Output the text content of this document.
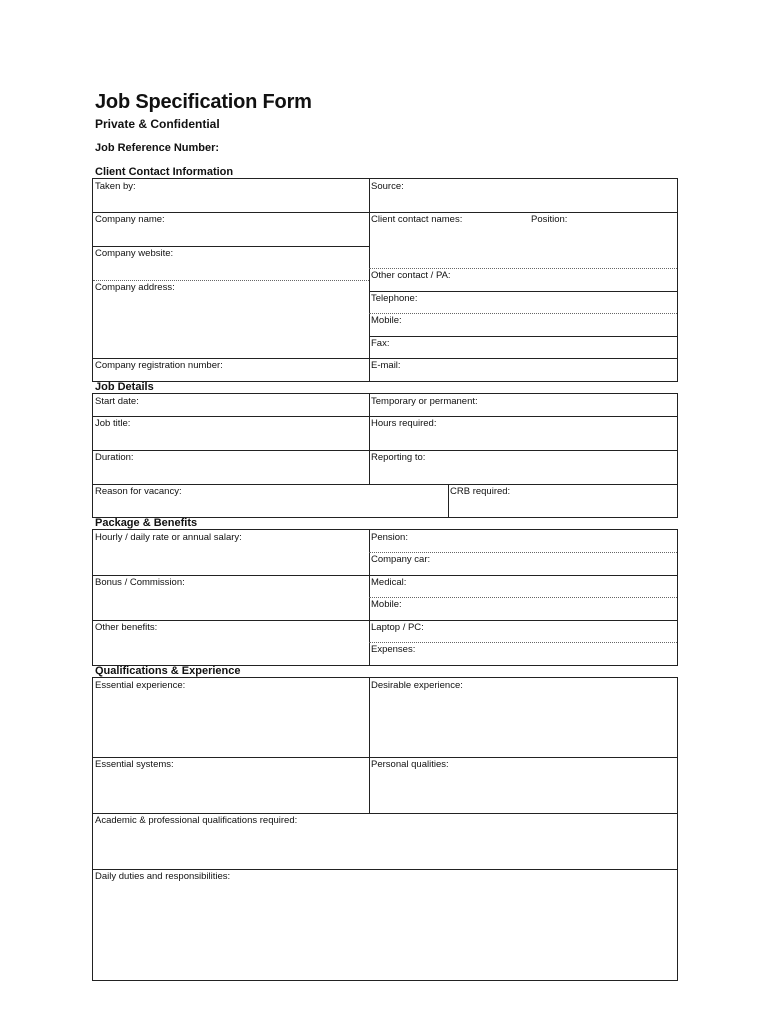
Job Specification Form
Private & Confidential
Job Reference Number:
Client Contact Information
Taken by:	Source:
Company name:	Client contact names:	Position:
Company website:
Other contact / PA:
Company address:
Telephone:
Mobile:
Fax:
Company registration number:	E-mail:
Job Details
Start date:	Temporary or permanent:
Job title:	Hours required:
Duration:	Reporting to:
Reason for vacancy:	CRB required:
Package & Benefits
Hourly / daily rate or annual salary:	Pension:
Company car:
Bonus / Commission:	Medical:
Mobile:
Other benefits:	Laptop / PC:
Expenses:
Qualifications & Experience
Essential experience:	Desirable experience:
Essential systems:	Personal qualities:
Academic & professional qualifications required:
Daily duties and responsibilities:
